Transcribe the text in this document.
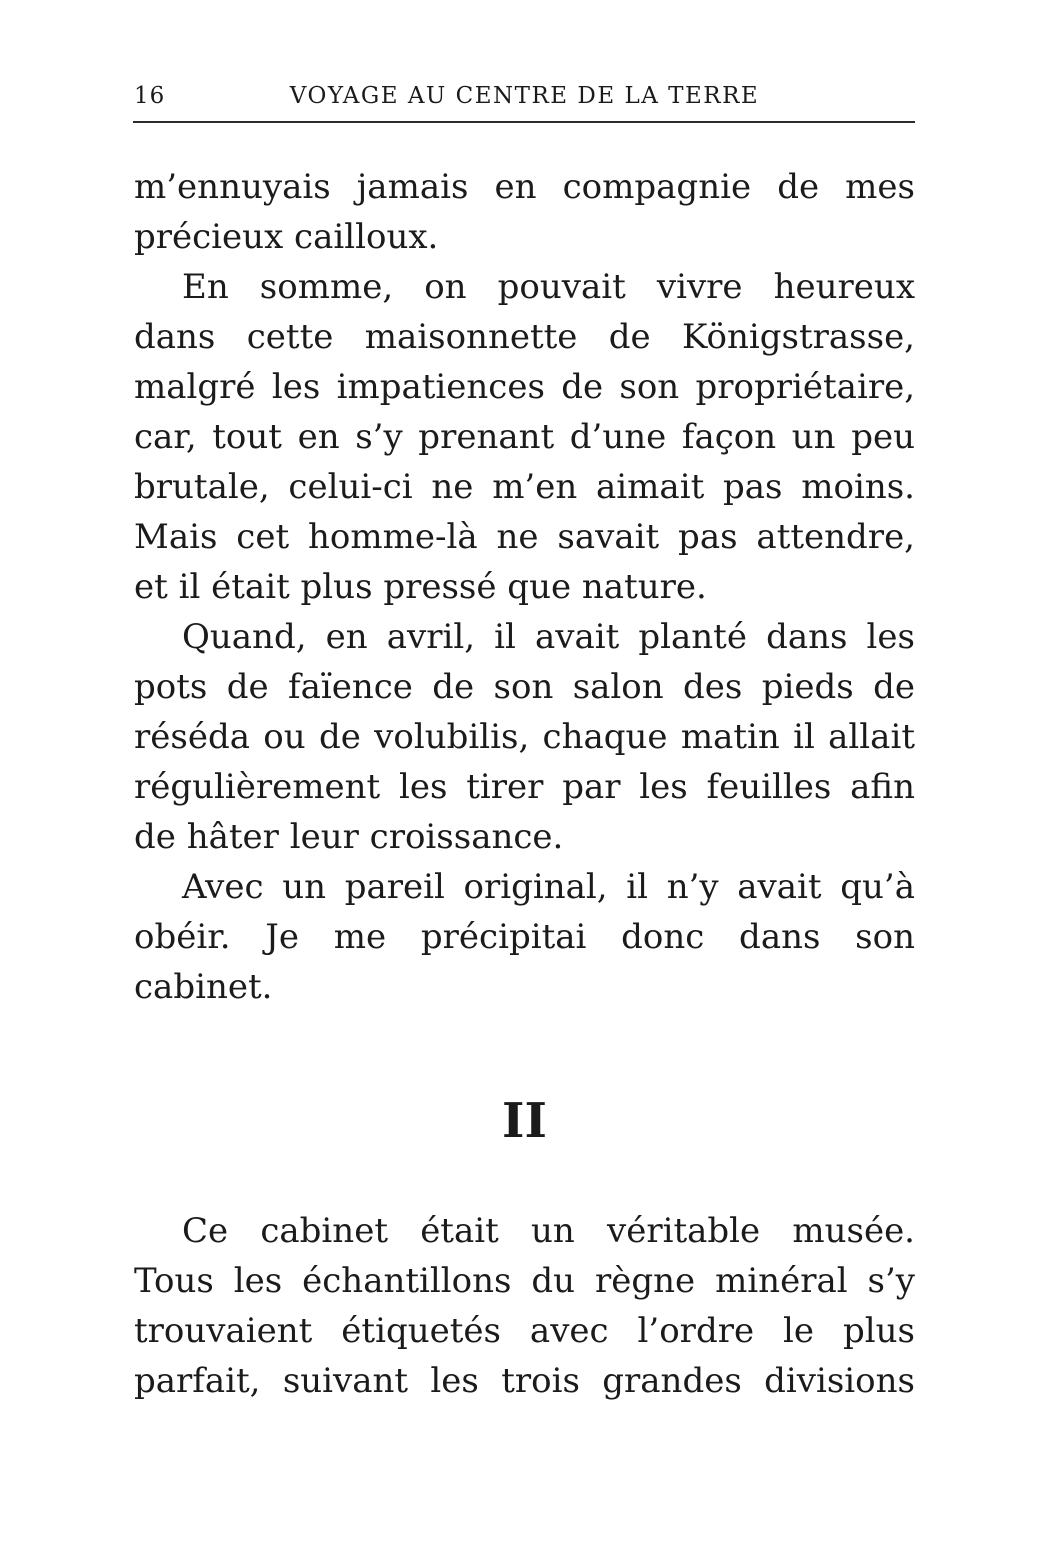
16	VOYAGE AU CENTRE DE LA TERRE
m’ennuyais jamais en compagnie de mes
précieux cailloux.
En somme, on pouvait vivre heureux
dans cette maisonnette de Königstrasse,
malgré les impatiences de son propriétaire,
car, tout en s’y prenant d’une façon un peu
brutale, celui-ci ne m’en aimait pas moins.
Mais cet homme-là ne savait pas attendre,
et il était plus pressé que nature.
Quand, en avril, il avait planté dans les
pots de faïence de son salon des pieds de
réséda ou de volubilis, chaque matin il allait
régulièrement les tirer par les feuilles afin
de hâter leur croissance.
Avec un pareil original, il n’y avait qu’à
obéir. Je me précipitai donc dans son
cabinet.
II
Ce cabinet était un véritable musée.
Tous les échantillons du règne minéral s’y
trouvaient étiquetés avec l’ordre le plus
parfait, suivant les trois grandes divisions
